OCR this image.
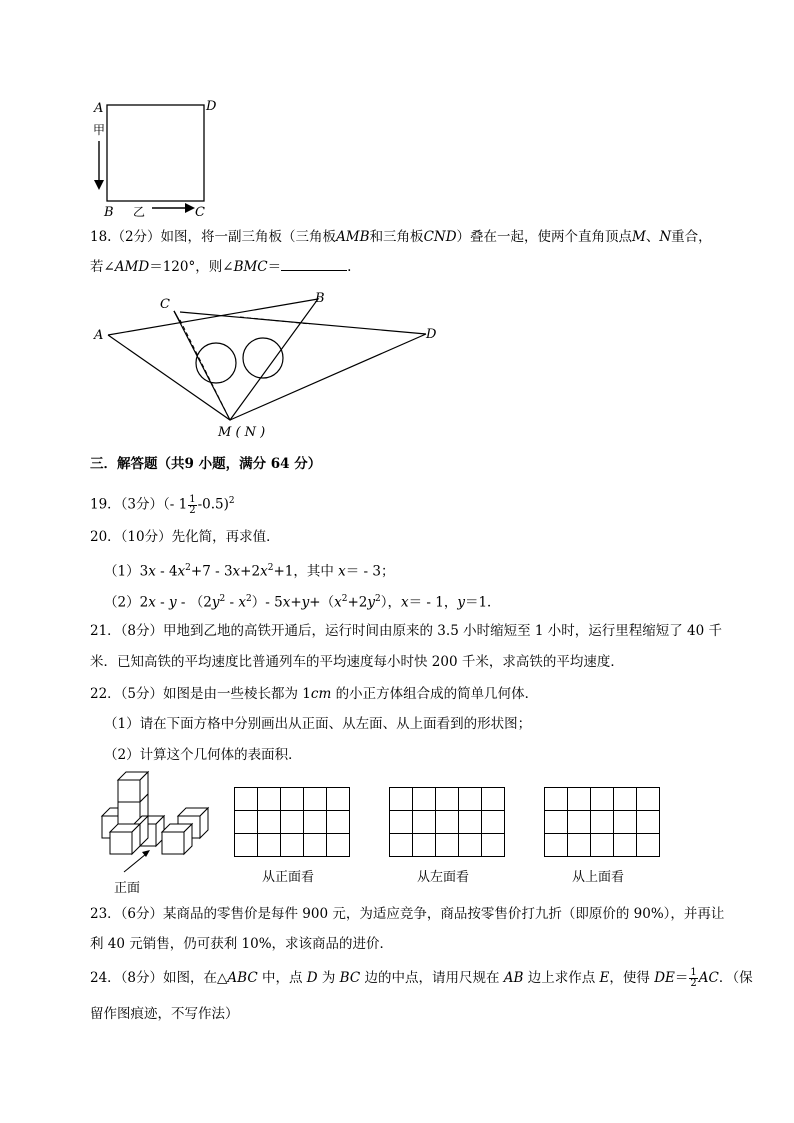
A	D
B	C
甲
乙
18.（2分）如图，将一副三角板（三角板AMB和三角板CND）叠在一起，使两个直角顶点M、N重合，
若∠AMD＝120°，则∠BMC＝	.
A
C	B
D
M ( N )
三．解答题（共9 小题，满分 64 分）
19．（3分）（- $1 \frac{1}{2} -0.5)^2$
20．（10分）先化简，再求值．
$(1)3x - 4x^2+7 - 3x+2x^2+1$，其中 x＝ - 3；
（2）2x - y - $(2y^2 - x^2)-$ $5x+y+(x^2+2y^2)$，x＝ - 1，y＝1．
21．（8分）甲地到乙地的高铁开通后，运行时间由原来的 3.5 小时缩短至 1 小时，运行里程缩短了 40 千
米．已知高铁的平均速度比普通列车的平均速度每小时快 200 千米，求高铁的平均速度．
22．（5分）如图是由一些棱长都为 1cm 的小正方体组合成的简单几何体．
（1）请在下面方格中分别画出从正面、从左面、从上面看到的形状图；
（2）计算这个几何体的表面积．
正面

从正面看	从左面看	从上面看
23．（6分）某商品的零售价是每件 900 元，为适应竞争，商品按零售价打九折（即原价的 90%），并再让
利 40 元销售，仍可获利 10%，求该商品的进价．
24．（8分）如图，在△ABC 中，点 D 为 BC 边的中点，请用尺规在 AB 边上求作点 E，使得 $DE= \frac{1}{2}$ AC．（保
留作图痕迹，不写作法）
